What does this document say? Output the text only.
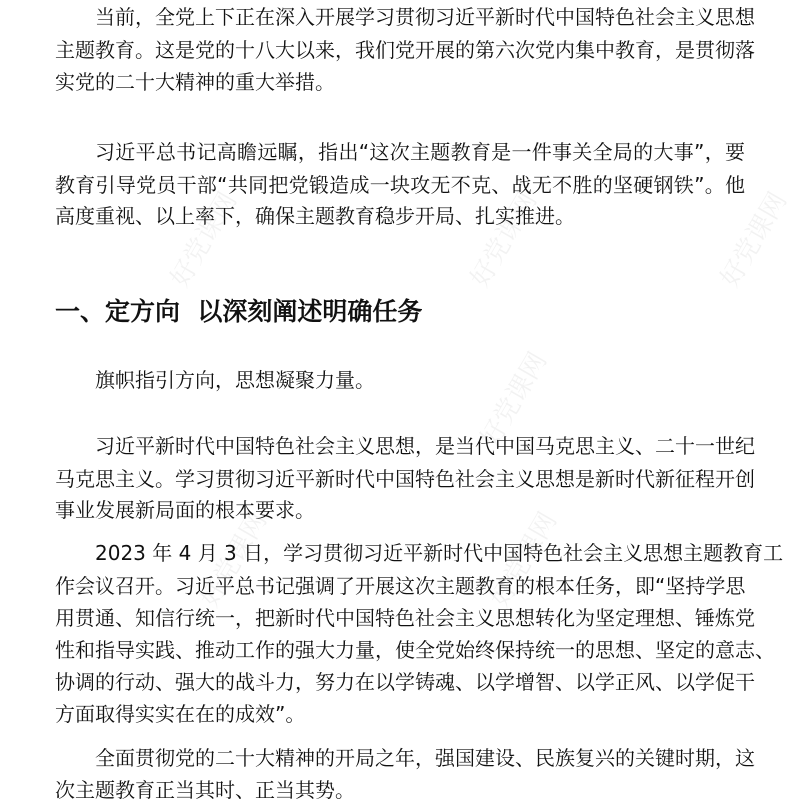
好党课网	好党课网	好党课网
好党课网
好党课网	好党课网
一、定方向  以深刻阐述明确任务
当前，全党上下正在深入开展学习贯彻习近平新时代中国特色社会主义思想
主题教育。这是党的十八大以来，我们党开展的第六次党内集中教育，是贯彻落
实党的二十大精神的重大举措。
习近平总书记高瞻远瞩，指出“这次主题教育是一件事关全局的大事”，要
教育引导党员干部“共同把党锻造成一块攻无不克、战无不胜的坚硬钢铁”。他
高度重视、以上率下，确保主题教育稳步开局、扎实推进。
旗帜指引方向，思想凝聚力量。
习近平新时代中国特色社会主义思想，是当代中国马克思主义、二十一世纪
马克思主义。学习贯彻习近平新时代中国特色社会主义思想是新时代新征程开创
事业发展新局面的根本要求。
2023 年 4 月 3 日，学习贯彻习近平新时代中国特色社会主义思想主题教育工
作会议召开。习近平总书记强调了开展这次主题教育的根本任务，即“坚持学思
用贯通、知信行统一，把新时代中国特色社会主义思想转化为坚定理想、锤炼党
性和指导实践、推动工作的强大力量，使全党始终保持统一的思想、坚定的意志、
协调的行动、强大的战斗力，努力在以学铸魂、以学增智、以学正风、以学促干
方面取得实实在在的成效”。
全面贯彻党的二十大精神的开局之年，强国建设、民族复兴的关键时期，这
次主题教育正当其时、正当其势。
